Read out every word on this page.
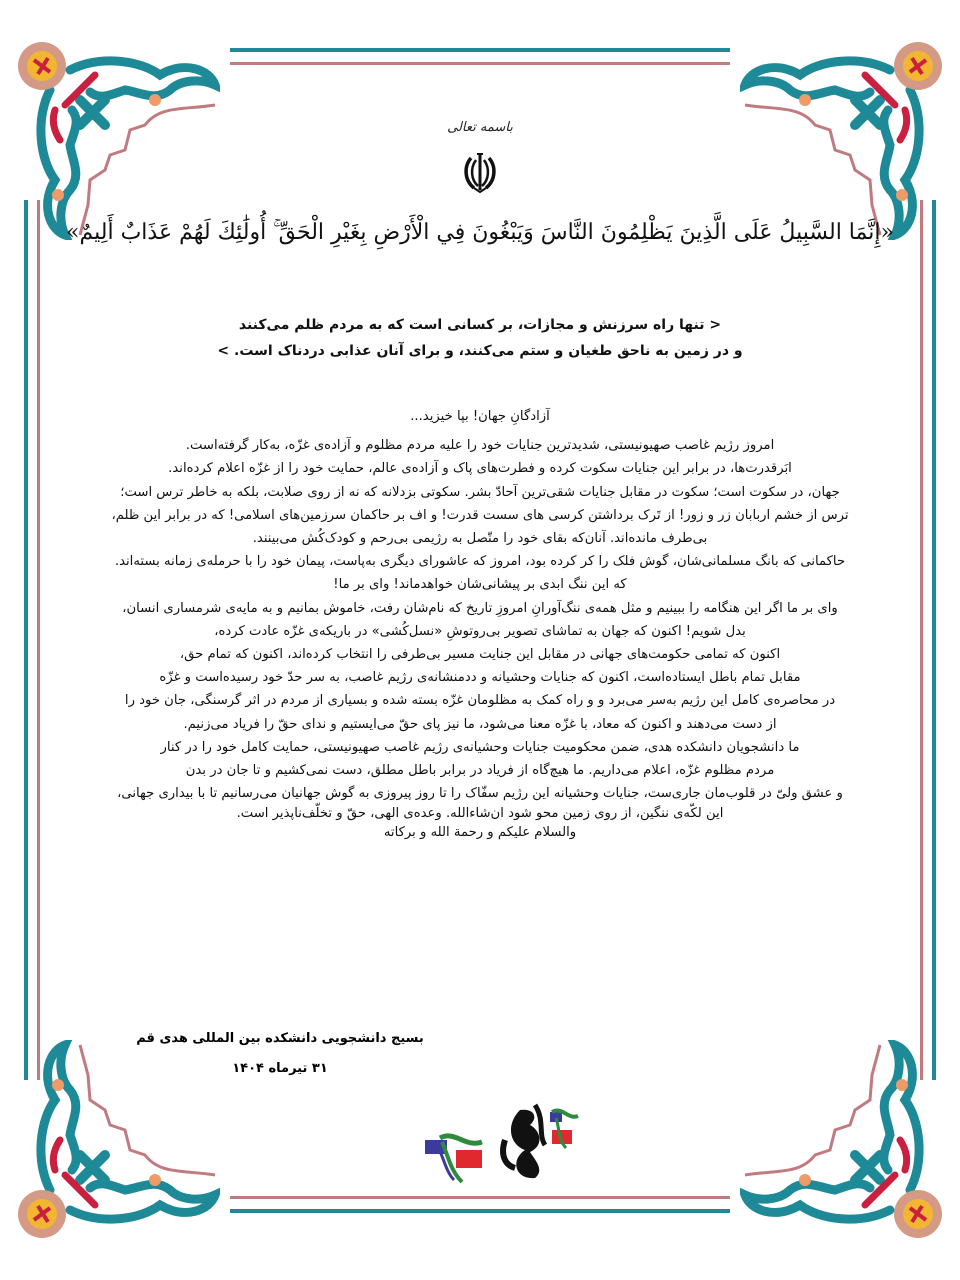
باسمه تعالی
«إِنَّمَا السَّبِيلُ عَلَى الَّذِينَ يَظْلِمُونَ النَّاسَ وَيَبْغُونَ فِي الْأَرْضِ بِغَيْرِ الْحَقِّ ۚ أُولَٰئِكَ لَهُمْ عَذَابٌ أَلِيمٌ»
< تنها راه سرزنش و مجازات، بر کسانی است که به مردم ظلم می‌کنند
و در زمین به ناحق طغیان و ستم می‌کنند، و برای آنان عذابی دردناک است. >
آزادگانِ جهان! بپا خیزید...
امروز رژیم غاصب صهیونیستی، شدیدترین جنایات خود را علیه مردم مظلوم و آزاده‌ی غزّه، به‌کار گرفته‌است.
ابَرقدرت‌ها، در برابر این جنایات سکوت کرده و فطرت‌های پاک و آزاده‌ی عالم، حمایت خود را از غزّه اعلام کرده‌اند.
جهان، در سکوت است؛ سکوت در مقابل جنایات شقی‌ترین آحادّ بشر. سکوتی بزدلانه که نه از روی صلابت، بلکه به خاطر ترس است؛
ترس از خشم اربابان زر و زور! از تَرک برداشتن کرسی های سست قدرت! و اف بر حاکمان سرزمین‌های اسلامی! که در برابر این ظلم،
بی‌طرف مانده‌اند. آنان‌که بقای خود را متّصل به رژیمی بی‌رحم و کودک‌کُش می‌بینند.
حاکمانی که بانگ مسلمانی‌شان، گوش فلک را کر کرده بود، امروز که عاشورای دیگری به‌پاست، پیمان خود را با حرمله‌ی زمانه بسته‌اند.
که این ننگ ابدی بر پیشانی‌شان خواهدماند! وای بر ما!
وای بر ما اگر این هنگامه را ببینیم و مثل همه‌ی ننگ‌آورانِ امروزِ تاریخ که نام‌شان رفت، خاموش بمانیم و به مایه‌ی شرمساری انسان،
بدل شویم! اکنون که جهان به تماشای تصویر بی‌روتوشِ «نسل‌کُشی» در باریکه‌ی غزّه عادت کرده،
اکنون که تمامی حکومت‌های جهانی در مقابل این جنایت مسیر بی‌طرفی را انتخاب کرده‌اند، اکنون که تمام حق،
مقابل تمام باطل ایستاده‌است، اکنون که جنایات وحشیانه و ددمنشانه‌ی رژیم غاصب، به سر حدّ خود رسیده‌است و غزّه
در محاصره‌ی کامل این رژیم به‌سر می‌برد و و راه کمک به مظلومان غزّه بسته شده و بسیاری از مردم در اثر گرسنگی، جان خود را
از دست می‌دهند و اکنون که معاد، با غزّه معنا می‌شود، ما نیز پای حقّ می‌ایستیم و ندای حقّ را فریاد می‌زنیم.
ما دانشجویان دانشکده هدی، ضمن محکومیت جنایات وحشیانه‌ی رژیم غاصب صهیونیستی، حمایت کامل خود را در کنار
مردم مظلوم غزّه، اعلام می‌داریم. ما هیچ‌گاه از فریاد در برابر باطل مطلق، دست نمی‌کشیم و تا جان در بدن
و عشق ولیّ در قلوب‌مان جاری‌ست، جنایات وحشیانه این رژیم سفّاک را تا روز پیروزی به گوش جهانیان می‌رسانیم تا با بیداری جهانی،
این لکّه‌ی ننگین، از روی زمین محو شود ان‌شاءالله. وعده‌ی الهی، حقّ و تخلّف‌ناپذیر است.
والسلام علیکم و رحمة الله و برکاته
بسیج دانشجویی دانشکده بین المللی هدی قم
۳۱ تیرماه ۱۴۰۴
